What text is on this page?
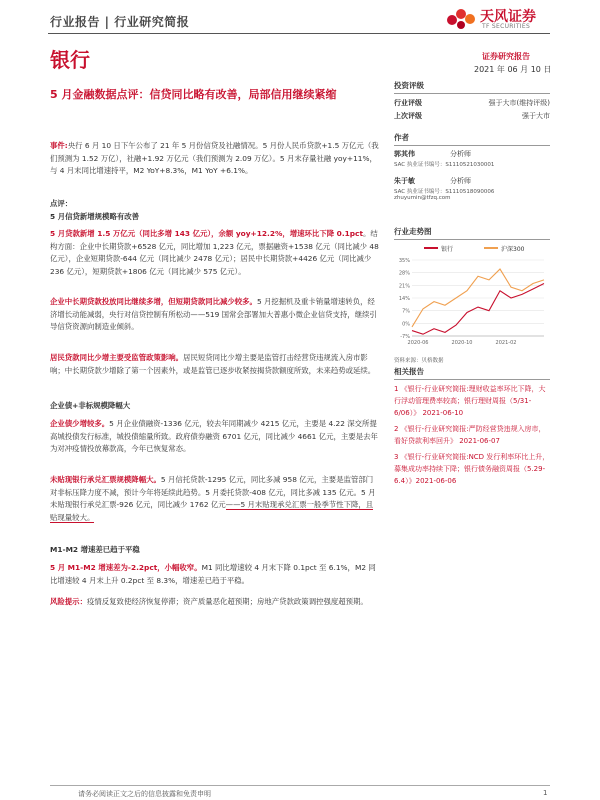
行业报告 | 行业研究简报	天风证券
TF SECURITIES
银行	证券研究报告
2021 年 06 月 10 日
5 月金融数据点评：信贷同比略有改善，局部信用继续紧缩

事件:央行 6 月 10 日下午公布了 21 年 5 月份信贷及社融情况。5 月份人民币贷款+1.5 万亿元（我们预测为 1.52 万亿），社融+1.92 万亿元（我们预测为 2.09 万亿）。5 月末存量社融 yoy+11%，与 4 月末同比增速持平，M2 YoY+8.3%，M1 YoY +6.1%。

点评：

5 月信贷新增规模略有改善

5 月贷款新增 1.5 万亿元（同比多增 143 亿元），余额 yoy+12.2%，增速环比下降 0.1pct。结构方面：企业中长期贷款+6528 亿元，同比增加 1,223 亿元，票据融资+1538 亿元（同比减少 48 亿元），企业短期贷款-644 亿元（同比减少 2478 亿元）；居民中长期贷款+4426 亿元（同比减少 236 亿元），短期贷款+1806 亿元（同比减少 575 亿元）。

企业中长期贷款投放同比继续多增，但短期贷款同比减少较多。5 月挖掘机及重卡销量增速转负，经济增长动能减弱，央行对信贷控制有所松动——519 国常会部署加大普惠小微企业信贷支持，继续引导信贷资源向制造业倾斜。

居民贷款同比少增主要受监管政策影响。居民短贷同比少增主要是监管打击经营贷违规流入房市影响；中长期贷款少增除了第一个因素外，或是监管已逐步收紧按揭贷款额度所致，未来趋势或延续。

企业债+非标规模降幅大

企业债少增较多。5 月企业债融资-1336 亿元，较去年同期减少 4215 亿元，主要是 4.22 深交所提高城投债发行标准，城投债缩量所致。政府债券融资 6701 亿元，同比减少 4661 亿元，主要是去年为对冲疫情投放幕款高，今年已恢复常态。

未贴现银行承兑汇票规模降幅大。5 月信托贷款-1295 亿元，同比多减 958 亿元，主要是监管部门对非标压降力度不减，预计今年将延续此趋势。5 月委托贷款-408 亿元，同比多减 135 亿元。5 月未贴现银行承兑汇票-926 亿元，同比减少 1762 亿元——5 月末贴现承兑汇票一般季节性下降，且贴现量较大。

M1-M2 增速差已趋于平稳

5 月 M1-M2 增速差为-2.2pct，小幅收窄。M1 同比增速较 4 月末下降 0.1pct 至 6.1%，M2 同比增速较 4 月末上升 0.2pct 至 8.3%，增速差已趋于平稳。

风险提示：疫情反复致使经济恢复停滞；资产质量恶化超预期；房地产贷款政策调控强度超预期。

投资评级
行业评级	强于大市(维持评级)
上次评级	强于大市
作者
郭其伟	分析师
SAC 执业证书编号：S1110521030001
朱于敏	分析师
SAC 执业证书编号：S1110518090006
zhuyumin@tfzq.com
行业走势图
银行	沪深300
-7%
0%
7%
14%
21%
28%
35%
2020-06	2020-10	2021-02
资料来源：贝格数据
相关报告
1 《银行-行业研究简报:理财收益率环比下降，大行浮动管理费率较高；银行理财周报（5/31-6/06）》 2021-06-10
2 《银行-行业研究简报:严防经营贷违规入房市，看好贷款利率回升》 2021-06-07
3 《银行-行业研究简报:NCD 发行利率环比上升，募集成功率持续下降；银行债务融资周报（5.29-6.4）》2021-06-06
请务必阅读正文之后的信息披露和免责申明	1
